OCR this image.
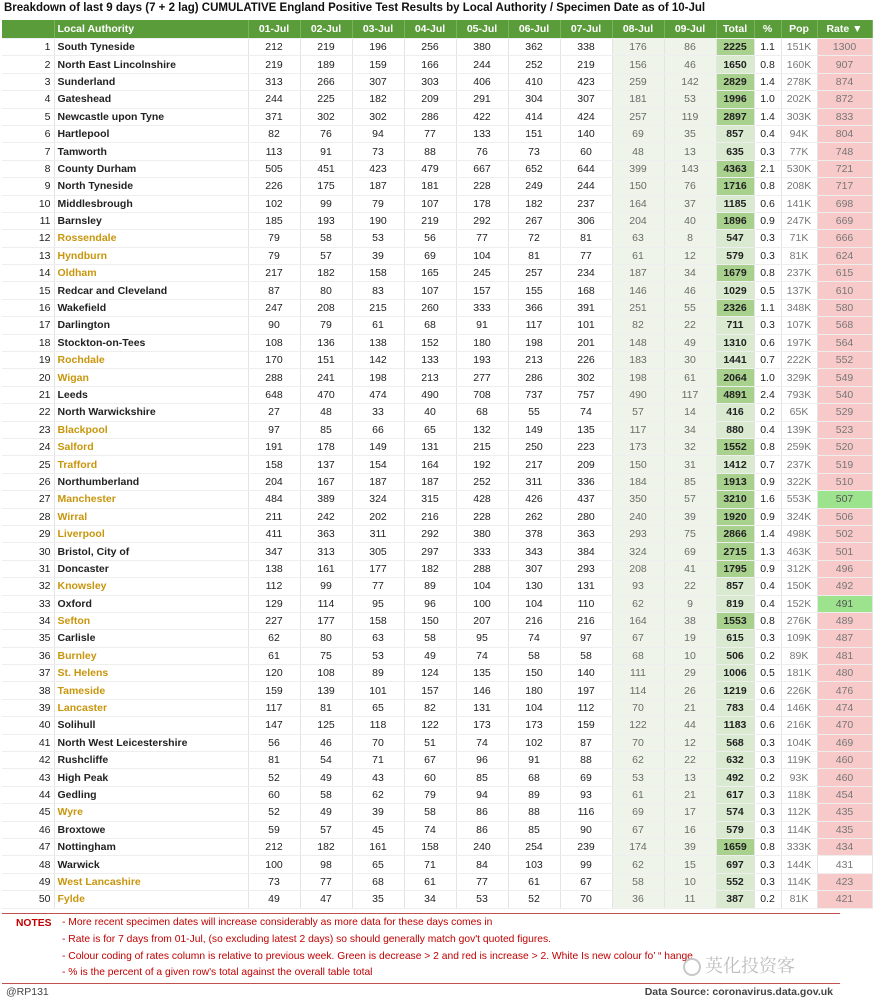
Breakdown of last 9 days (7 + 2 lag) CUMULATIVE England Positive Test Results by Local Authority / Specimen Date as of 10-Jul
	Local Authority	01-Jul	02-Jul	03-Jul	04-Jul	05-Jul	06-Jul	07-Jul	08-Jul	09-Jul	Total	%	Pop	Rate ▼
1	South Tyneside	212	219	196	256	380	362	338	176	86	2225	1.1	151K	1300
2	North East Lincolnshire	219	189	159	166	244	252	219	156	46	1650	0.8	160K	907
3	Sunderland	313	266	307	303	406	410	423	259	142	2829	1.4	278K	874
4	Gateshead	244	225	182	209	291	304	307	181	53	1996	1.0	202K	872
5	Newcastle upon Tyne	371	302	302	286	422	414	424	257	119	2897	1.4	303K	833
6	Hartlepool	82	76	94	77	133	151	140	69	35	857	0.4	94K	804
7	Tamworth	113	91	73	88	76	73	60	48	13	635	0.3	77K	748
8	County Durham	505	451	423	479	667	652	644	399	143	4363	2.1	530K	721
9	North Tyneside	226	175	187	181	228	249	244	150	76	1716	0.8	208K	717
10	Middlesbrough	102	99	79	107	178	182	237	164	37	1185	0.6	141K	698
11	Barnsley	185	193	190	219	292	267	306	204	40	1896	0.9	247K	669
12	Rossendale	79	58	53	56	77	72	81	63	8	547	0.3	71K	666
13	Hyndburn	79	57	39	69	104	81	77	61	12	579	0.3	81K	624
14	Oldham	217	182	158	165	245	257	234	187	34	1679	0.8	237K	615
15	Redcar and Cleveland	87	80	83	107	157	155	168	146	46	1029	0.5	137K	610
16	Wakefield	247	208	215	260	333	366	391	251	55	2326	1.1	348K	580
17	Darlington	90	79	61	68	91	117	101	82	22	711	0.3	107K	568
18	Stockton-on-Tees	108	136	138	152	180	198	201	148	49	1310	0.6	197K	564
19	Rochdale	170	151	142	133	193	213	226	183	30	1441	0.7	222K	552
20	Wigan	288	241	198	213	277	286	302	198	61	2064	1.0	329K	549
21	Leeds	648	470	474	490	708	737	757	490	117	4891	2.4	793K	540
22	North Warwickshire	27	48	33	40	68	55	74	57	14	416	0.2	65K	529
23	Blackpool	97	85	66	65	132	149	135	117	34	880	0.4	139K	523
24	Salford	191	178	149	131	215	250	223	173	32	1552	0.8	259K	520
25	Trafford	158	137	154	164	192	217	209	150	31	1412	0.7	237K	519
26	Northumberland	204	167	187	187	252	311	336	184	85	1913	0.9	322K	510
27	Manchester	484	389	324	315	428	426	437	350	57	3210	1.6	553K	507
28	Wirral	211	242	202	216	228	262	280	240	39	1920	0.9	324K	506
29	Liverpool	411	363	311	292	380	378	363	293	75	2866	1.4	498K	502
30	Bristol, City of	347	313	305	297	333	343	384	324	69	2715	1.3	463K	501
31	Doncaster	138	161	177	182	288	307	293	208	41	1795	0.9	312K	496
32	Knowsley	112	99	77	89	104	130	131	93	22	857	0.4	150K	492
33	Oxford	129	114	95	96	100	104	110	62	9	819	0.4	152K	491
34	Sefton	227	177	158	150	207	216	216	164	38	1553	0.8	276K	489
35	Carlisle	62	80	63	58	95	74	97	67	19	615	0.3	109K	487
36	Burnley	61	75	53	49	74	58	58	68	10	506	0.2	89K	481
37	St. Helens	120	108	89	124	135	150	140	111	29	1006	0.5	181K	480
38	Tameside	159	139	101	157	146	180	197	114	26	1219	0.6	226K	476
39	Lancaster	117	81	65	82	131	104	112	70	21	783	0.4	146K	474
40	Solihull	147	125	118	122	173	173	159	122	44	1183	0.6	216K	470
41	North West Leicestershire	56	46	70	51	74	102	87	70	12	568	0.3	104K	469
42	Rushcliffe	81	54	71	67	96	91	88	62	22	632	0.3	119K	460
43	High Peak	52	49	43	60	85	68	69	53	13	492	0.2	93K	460
44	Gedling	60	58	62	79	94	89	93	61	21	617	0.3	118K	454
45	Wyre	52	49	39	58	86	88	116	69	17	574	0.3	112K	435
46	Broxtowe	59	57	45	74	86	85	90	67	16	579	0.3	114K	435
47	Nottingham	212	182	161	158	240	254	239	174	39	1659	0.8	333K	434
48	Warwick	100	98	65	71	84	103	99	62	15	697	0.3	144K	431
49	West Lancashire	73	77	68	61	77	61	67	58	10	552	0.3	114K	423
50	Fylde	49	47	35	34	53	52	70	36	11	387	0.2	81K	421
NOTES - More recent specimen dates will increase considerably as more data for these days comes in
- Rate is for 7 days from 01-Jul, (so excluding latest 2 days) so should generally match gov't quoted figures.
- Colour coding of rates column is relative to previous week. Green is decrease > 2 and red is increase > 2. White Is new colour fo’ “ hange
- % is the percent of a given row's total against the overall table total	英化投资客
@RP131	Data Source: coronavirus.data.gov.uk
